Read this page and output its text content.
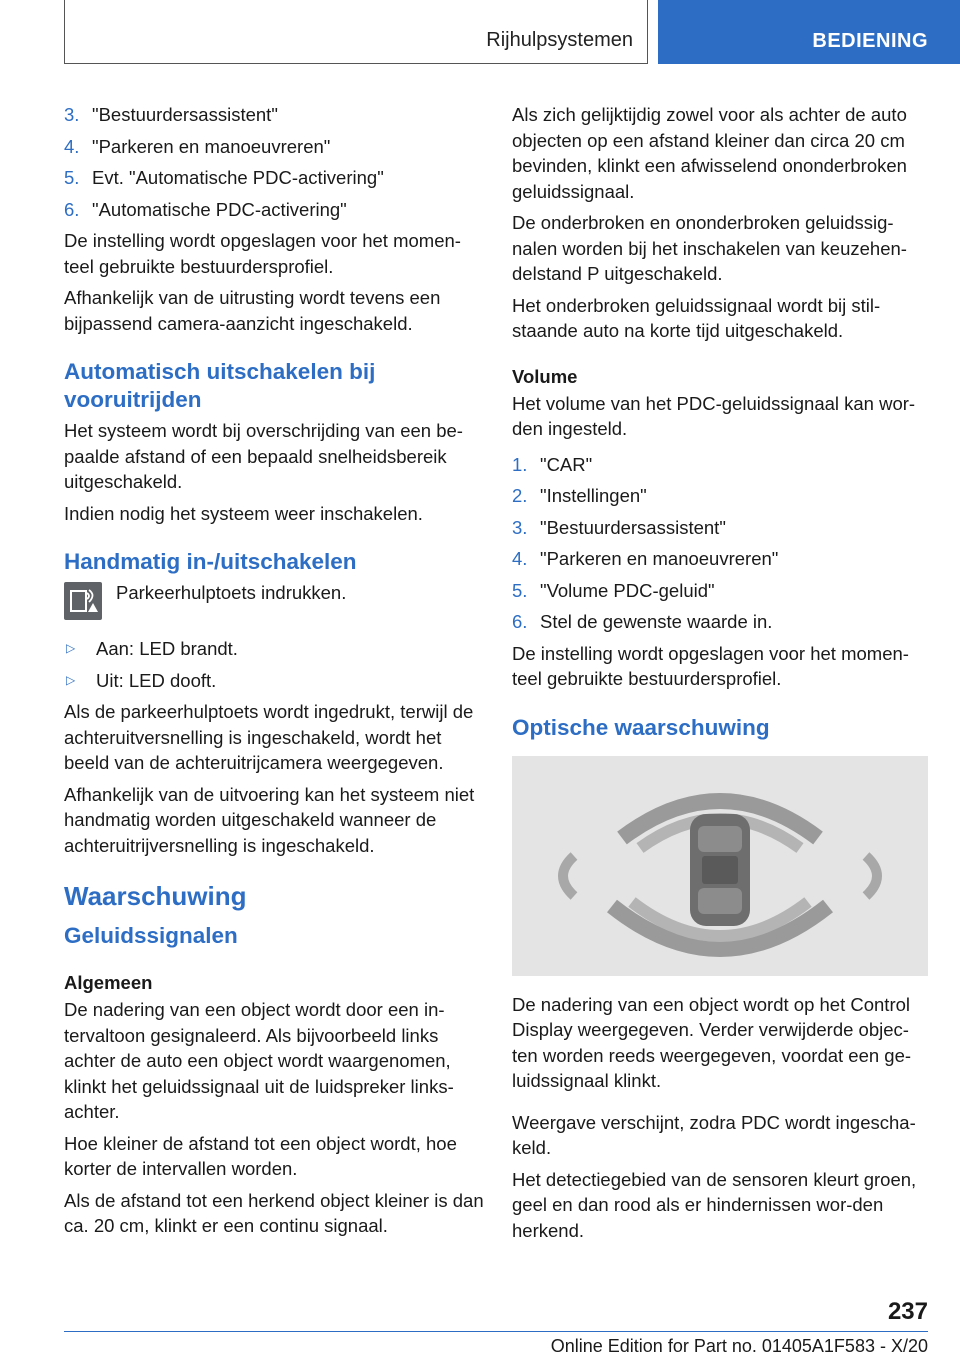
Rijhulpsystemen	BEDIENING
3. "Bestuurdersassistent"
4. "Parkeren en manoeuvreren"
5. Evt. "Automatische PDC-activering"
6. "Automatische PDC-activering"

De instelling wordt opgeslagen voor het momen-teel gebruikte bestuurdersprofiel.

Afhankelijk van de uitrusting wordt tevens een bijpassend camera-aanzicht ingeschakeld.

Automatisch uitschakelen bij vooruitrijden

Het systeem wordt bij overschrijding van een be-paalde afstand of een bepaald snelheidsbereik uitgeschakeld.

Indien nodig het systeem weer inschakelen.

Handmatig in-/uitschakelen

Parkeerhulptoets indrukken.

▷	Aan: LED brandt.
▷	Uit: LED dooft.

Als de parkeerhulptoets wordt ingedrukt, terwijl de achteruitversnelling is ingeschakeld, wordt het beeld van de achteruitrijcamera weergegeven.

Afhankelijk van de uitvoering kan het systeem niet handmatig worden uitgeschakeld wanneer de achteruitrijversnelling is ingeschakeld.

Waarschuwing
Geluidssignalen
Algemeen

De nadering van een object wordt door een in-tervaltoon gesignaleerd. Als bijvoorbeeld links achter de auto een object wordt waargenomen, klinkt het geluidssignaal uit de luidspreker links-achter.

Hoe kleiner de afstand tot een object wordt, hoe korter de intervallen worden.

Als de afstand tot een herkend object kleiner is dan ca. 20 cm, klinkt er een continu signaal.

Als zich gelijktijdig zowel voor als achter de auto objecten op een afstand kleiner dan circa 20 cm bevinden, klinkt een afwisselend ononderbroken geluidssignaal.

De onderbroken en ononderbroken geluidssig-nalen worden bij het inschakelen van keuzehen-delstand P uitgeschakeld.

Het onderbroken geluidssignaal wordt bij stil-staande auto na korte tijd uitgeschakeld.

Volume

Het volume van het PDC-geluidssignaal kan wor-den ingesteld.

1. "CAR"
2. "Instellingen"
3. "Bestuurdersassistent"
4. "Parkeren en manoeuvreren"
5. "Volume PDC-geluid"
6. Stel de gewenste waarde in.

De instelling wordt opgeslagen voor het momen-teel gebruikte bestuurdersprofiel.

Optische waarschuwing

De nadering van een object wordt op het Control Display weergegeven. Verder verwijderde objec-ten worden reeds weergegeven, voordat een ge-luidssignaal klinkt.

Weergave verschijnt, zodra PDC wordt ingescha-keld.

Het detectiegebied van de sensoren kleurt groen, geel en dan rood als er hindernissen wor-den herkend.

237
Online Edition for Part no. 01405A1F583 - X/20
